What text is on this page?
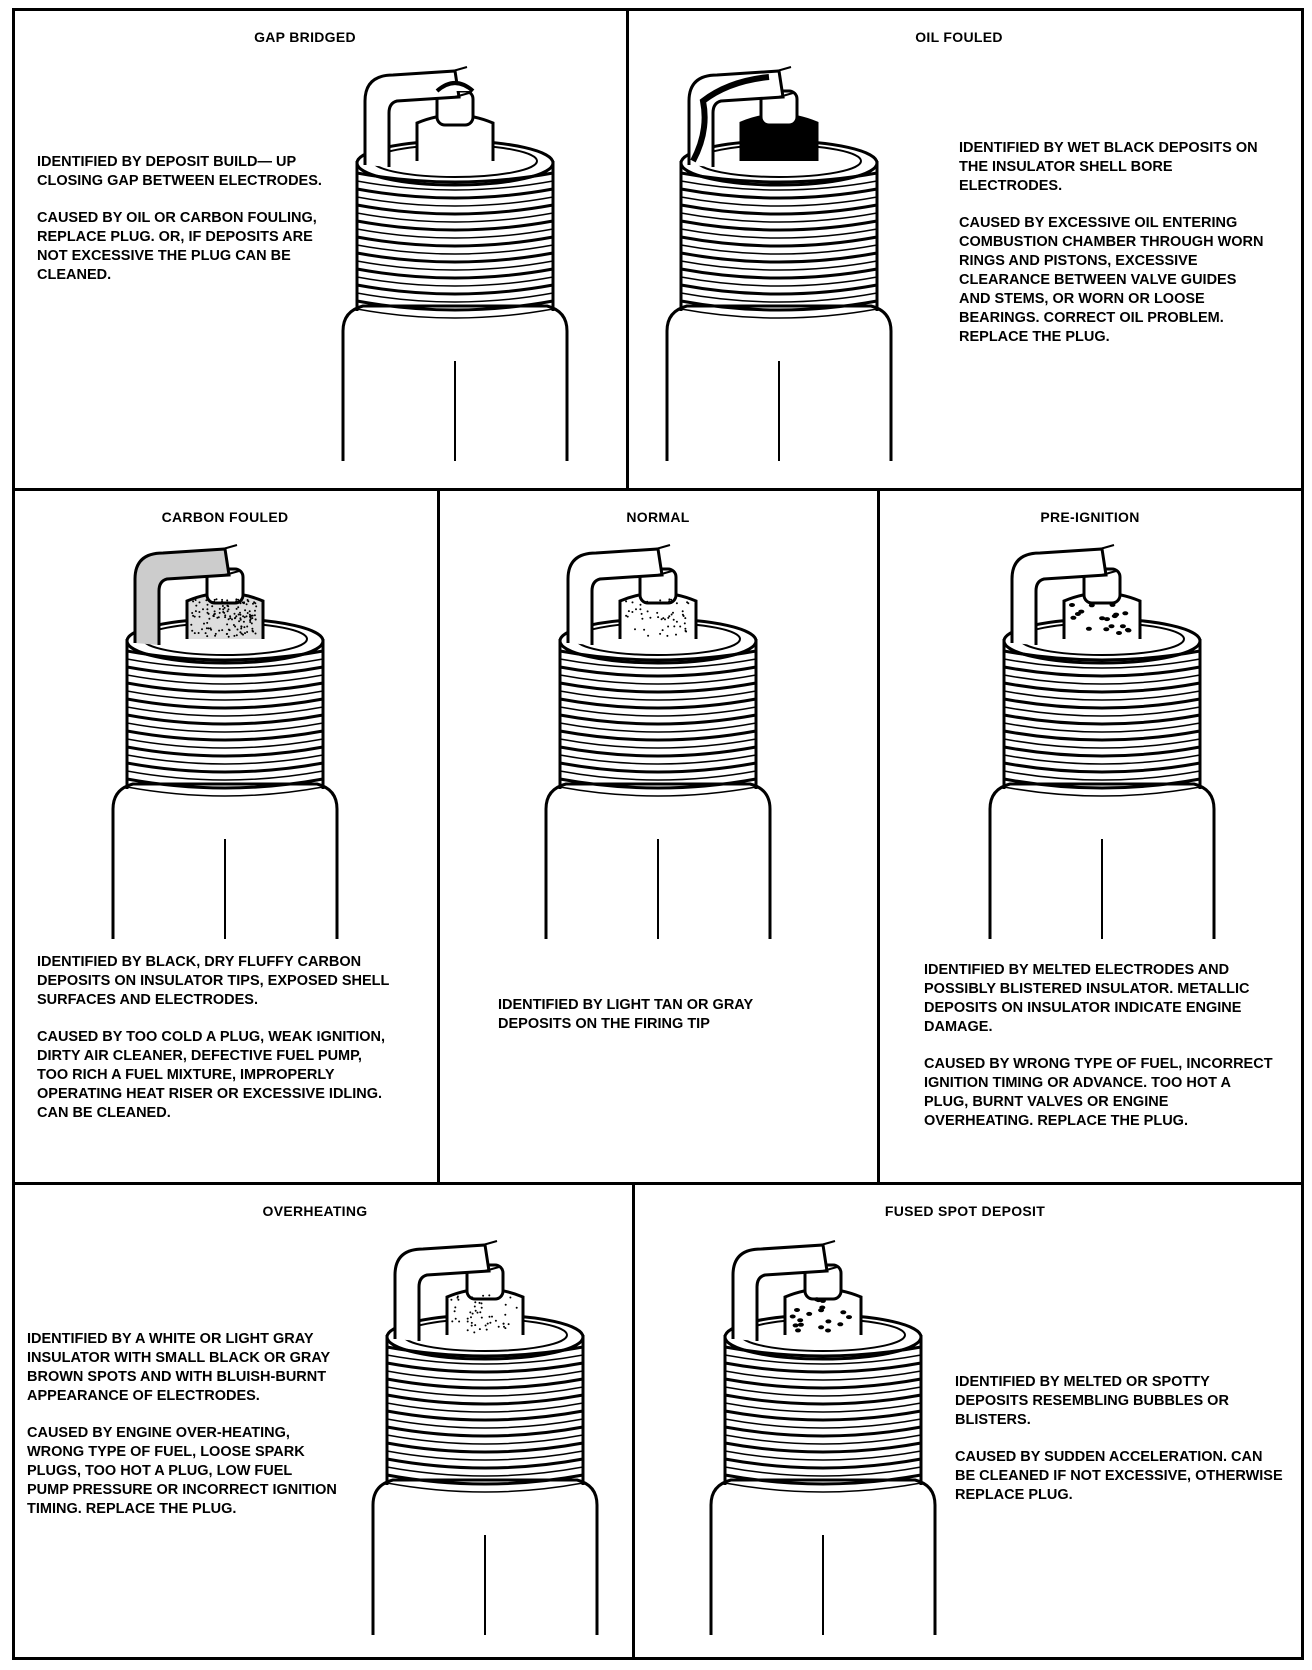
GAP BRIDGED

IDENTIFIED BY DEPOSIT BUILD— UP CLOSING GAP BETWEEN ELECTRODES.

CAUSED BY OIL OR CARBON FOULING, REPLACE PLUG. OR, IF DEPOSITS ARE NOT EXCESSIVE THE PLUG CAN BE CLEANED.

OIL FOULED

IDENTIFIED BY WET BLACK DEPOSITS ON THE INSULATOR SHELL BORE ELECTRODES.

CAUSED BY EXCESSIVE OIL ENTERING COMBUSTION CHAMBER THROUGH WORN RINGS AND PISTONS, EXCESSIVE CLEARANCE BETWEEN VALVE GUIDES AND STEMS, OR WORN OR LOOSE BEARINGS. CORRECT OIL PROBLEM. REPLACE THE PLUG.

CARBON FOULED

IDENTIFIED BY BLACK, DRY FLUFFY CARBON DEPOSITS ON INSULATOR TIPS, EXPOSED SHELL SURFACES AND ELECTRODES.

CAUSED BY TOO COLD A PLUG, WEAK IGNITION, DIRTY AIR CLEANER, DEFECTIVE FUEL PUMP, TOO RICH A FUEL MIXTURE, IMPROPERLY OPERATING HEAT RISER OR EXCESSIVE IDLING. CAN BE CLEANED.

NORMAL

IDENTIFIED BY LIGHT TAN OR GRAY DEPOSITS ON THE FIRING TIP

PRE-IGNITION

IDENTIFIED BY MELTED ELECTRODES AND POSSIBLY BLISTERED INSULATOR. METALLIC DEPOSITS ON INSULATOR INDICATE ENGINE DAMAGE.

CAUSED BY WRONG TYPE OF FUEL, INCORRECT IGNITION TIMING OR ADVANCE. TOO HOT A PLUG, BURNT VALVES OR ENGINE OVERHEATING. REPLACE THE PLUG.

OVERHEATING

IDENTIFIED BY A WHITE OR LIGHT GRAY INSULATOR WITH SMALL BLACK OR GRAY BROWN SPOTS AND WITH BLUISH-BURNT APPEARANCE OF ELECTRODES.

CAUSED BY ENGINE OVER-HEATING, WRONG TYPE OF FUEL, LOOSE SPARK PLUGS, TOO HOT A PLUG, LOW FUEL PUMP PRESSURE OR INCORRECT IGNITION TIMING. REPLACE THE PLUG.

FUSED SPOT DEPOSIT

IDENTIFIED BY MELTED OR SPOTTY DEPOSITS RESEMBLING BUBBLES OR BLISTERS.

CAUSED BY SUDDEN ACCELERATION. CAN BE CLEANED IF NOT EXCESSIVE, OTHERWISE REPLACE PLUG.
